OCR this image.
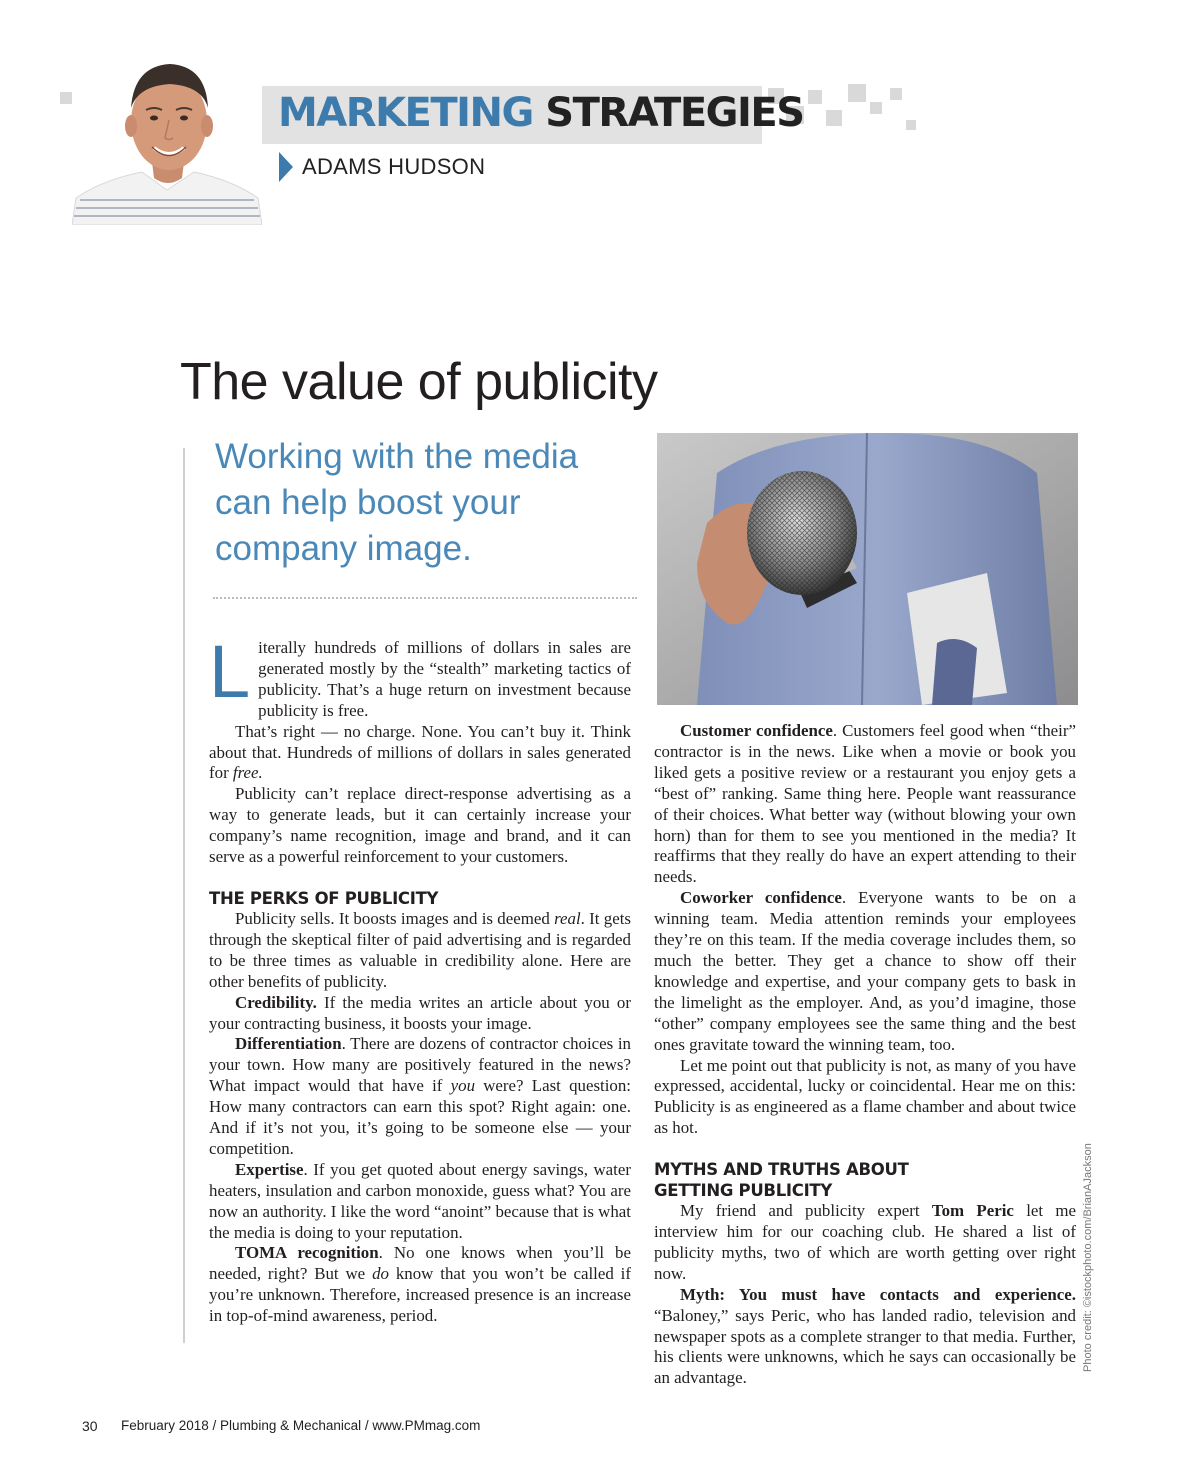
MARKETING STRATEGIES
ADAMS HUDSON
The value of publicity
Working with the media can help boost your company image.

Literally hundreds of millions of dollars in sales are generated mostly by the “stealth” marketing tactics of publicity. That’s a huge return on investment because publicity is free.

That’s right — no charge. None. You can’t buy it. Think about that. Hundreds of millions of dollars in sales generated for free.

Publicity can’t replace direct-response advertising as a way to generate leads, but it can certainly increase your company’s name recognition, image and brand, and it can serve as a powerful reinforcement to your customers.

THE PERKS OF PUBLICITY

Publicity sells. It boosts images and is deemed real. It gets through the skeptical filter of paid advertising and is regarded to be three times as valuable in credibility alone. Here are other benefits of publicity.

Credibility. If the media writes an article about you or your contracting business, it boosts your image.

Differentiation. There are dozens of contractor choices in your town. How many are positively featured in the news? What impact would that have if you were? Last question: How many contractors can earn this spot? Right again: one. And if it’s not you, it’s going to be someone else — your competition.

Expertise. If you get quoted about energy savings, water heaters, insulation and carbon monoxide, guess what? You are now an authority. I like the word “anoint” because that is what the media is doing to your reputation.

TOMA recognition. No one knows when you’ll be needed, right? But we do know that you won’t be called if you’re unknown. Therefore, increased presence is an increase in top-of-mind awareness, period.

Customer confidence. Customers feel good when “their” contractor is in the news. Like when a movie or book you liked gets a positive review or a restaurant you enjoy gets a “best of” ranking. Same thing here. People want reassurance of their choices. What better way (without blowing your own horn) than for them to see you mentioned in the media? It reaffirms that they really do have an expert attending to their needs.

Coworker confidence. Everyone wants to be on a winning team. Media attention reminds your employees they’re on this team. If the media coverage includes them, so much the better. They get a chance to show off their knowledge and expertise, and your company gets to bask in the limelight as the employer. And, as you’d imagine, those “other” company employees see the same thing and the best ones gravitate toward the winning team, too.

Let me point out that publicity is not, as many of you have expressed, accidental, lucky or coincidental. Hear me on this: Publicity is as engineered as a flame chamber and about twice as hot.

MYTHS AND TRUTHS ABOUT
GETTING PUBLICITY

My friend and publicity expert Tom Peric let me interview him for our coaching club. He shared a list of publicity myths, two of which are worth getting over right now.

Myth: You must have contacts and experience. “Baloney,” says Peric, who has landed radio, television and newspaper spots as a complete stranger to that media. Further, his clients were unknowns, which he says can occasionally be an advantage.

Photo credit: ©istockphoto.com/BrianAJackson
30 February 2018 / Plumbing & Mechanical / www.PMmag.com
